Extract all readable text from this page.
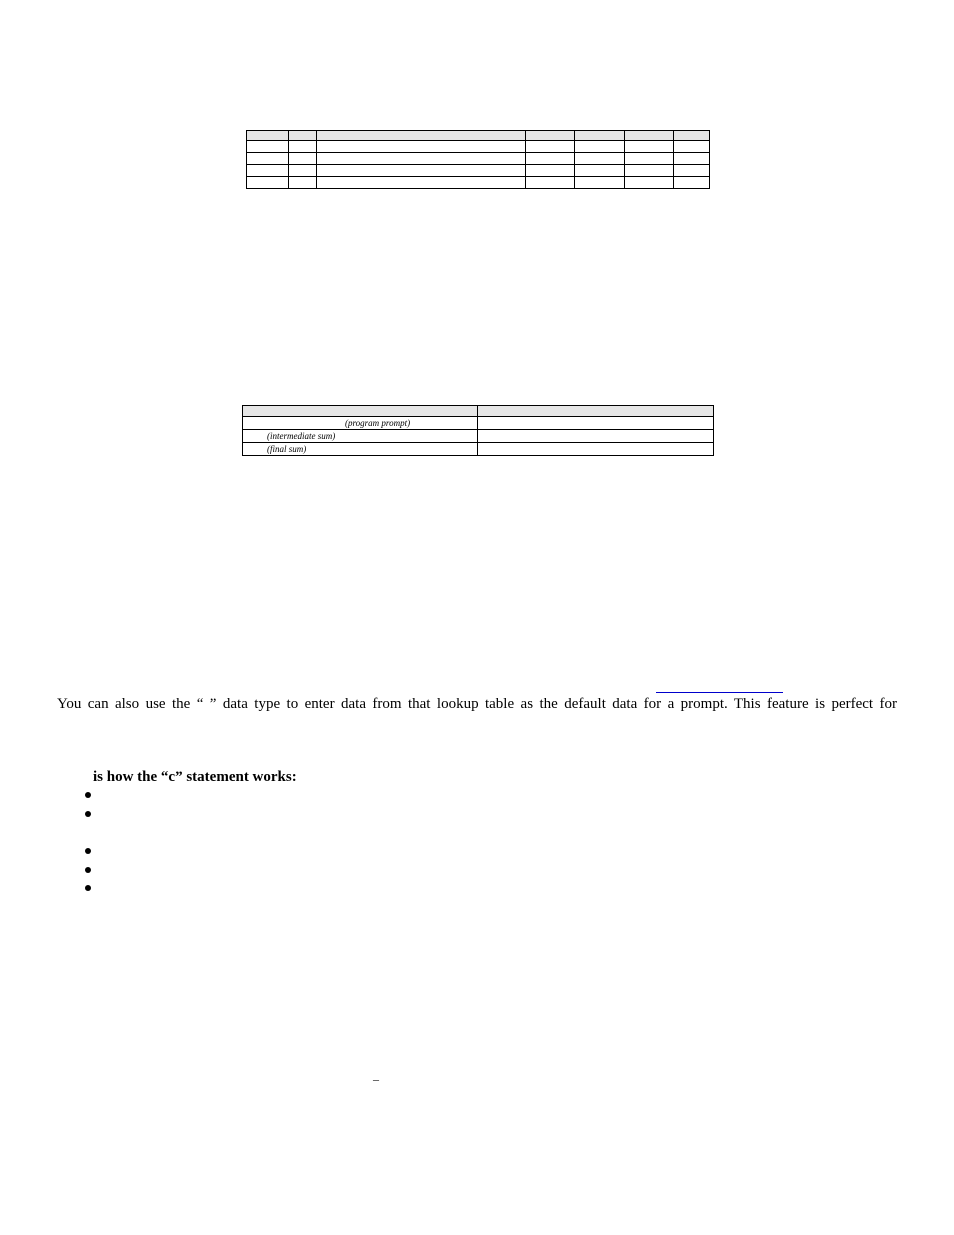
(program prompt)	
(intermediate sum)	
(final sum)	
You can also use the “ ” data type to enter data from that lookup table as the default data for a prompt. This feature is perfect for
is how the “c” statement works:
–
